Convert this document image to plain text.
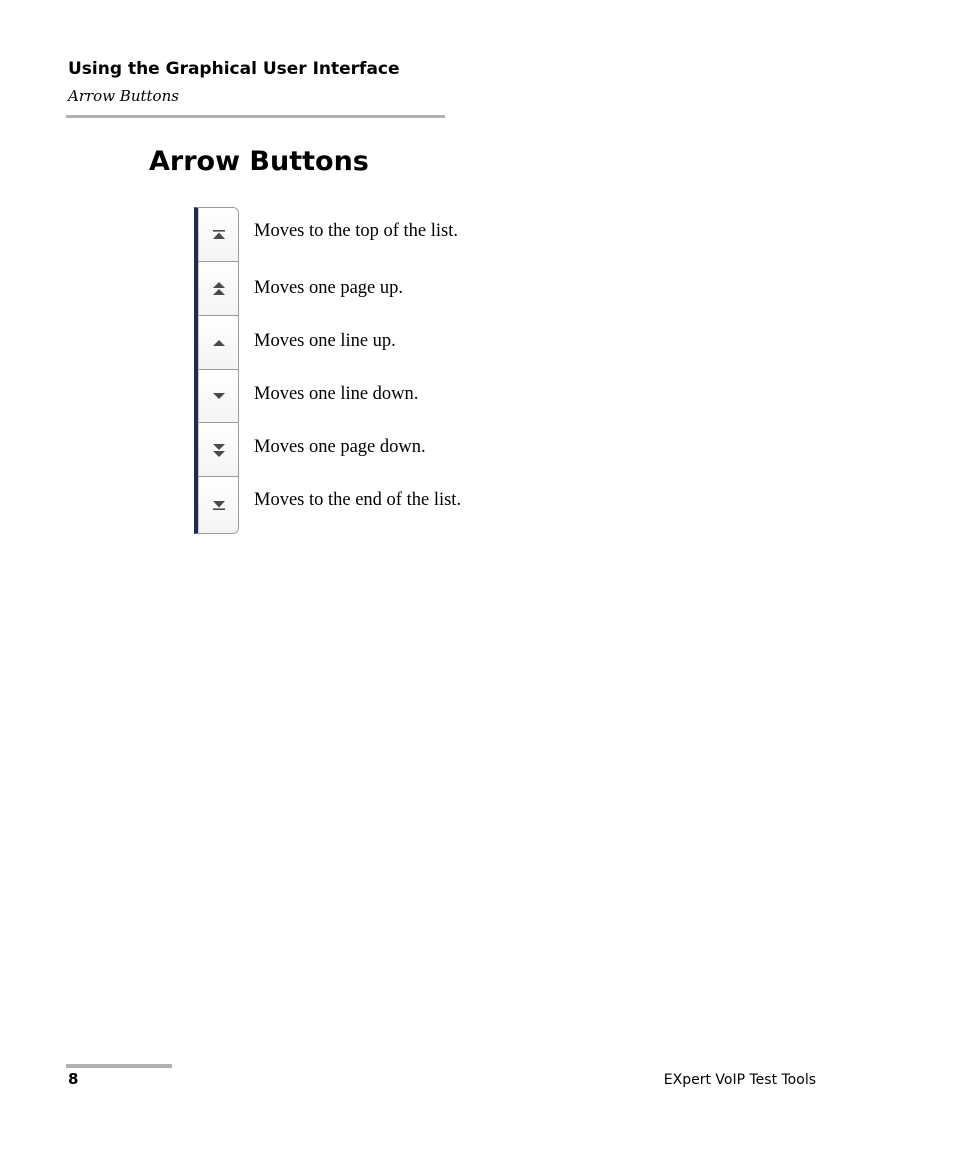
Using the Graphical User Interface
Arrow Buttons
Arrow Buttons
Moves to the top of the list.
Moves one page up.
Moves one line up.
Moves one line down.
Moves one page down.
Moves to the end of the list.
8	EXpert VoIP Test Tools
